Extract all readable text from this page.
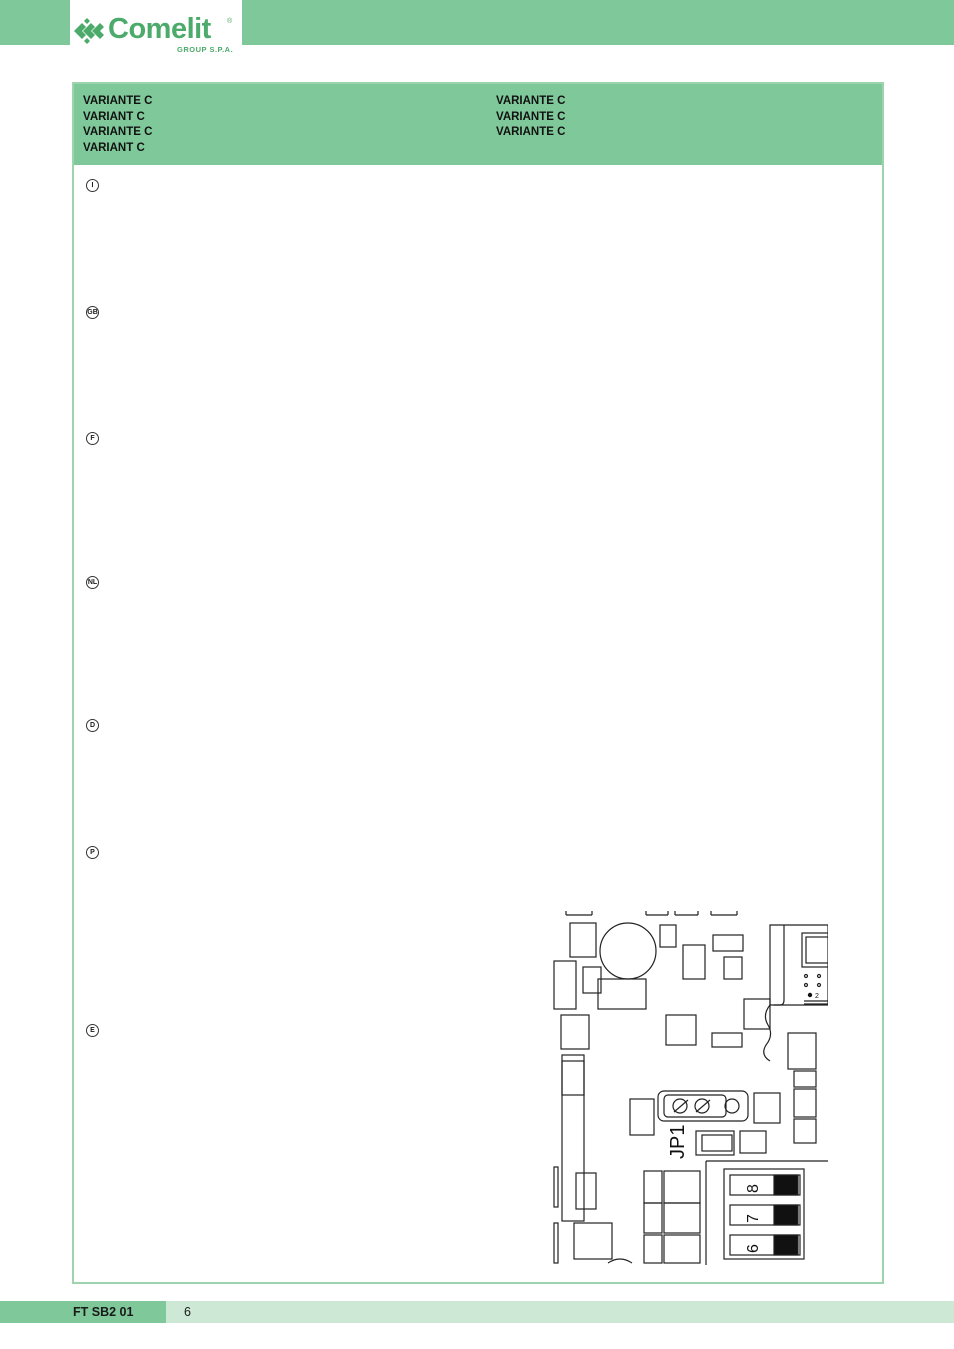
Comelit ®
GROUP S.P.A.
VARIANTE C
VARIANT C
VARIANTE C
VARIANT C
VARIANTE C
VARIANTE C
VARIANTE C
I

GB

F

NL

D

P

E

JP1
8
7
6
2
FT SB2 01	6
